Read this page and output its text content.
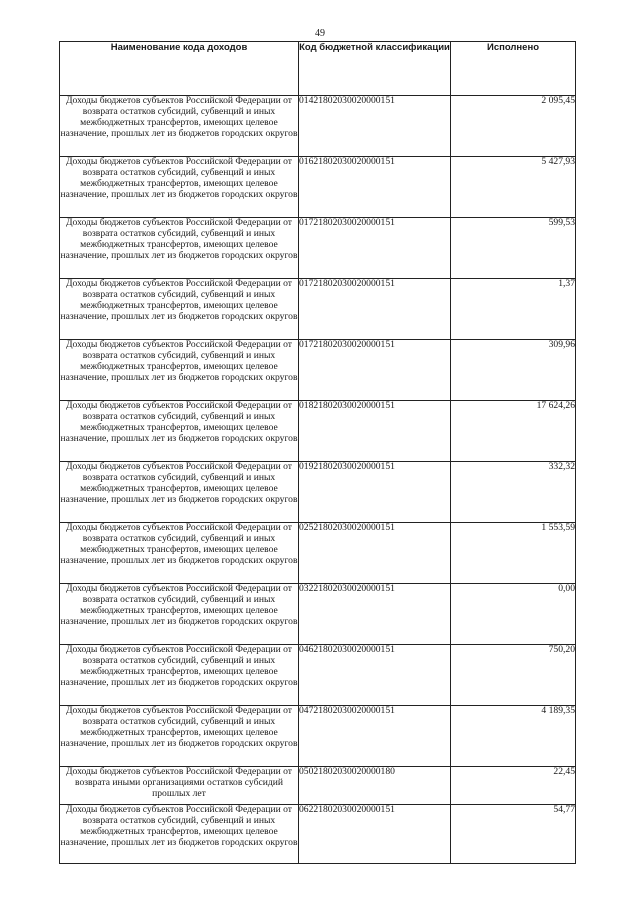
49
Наименование кода доходов	Код бюджетной классификации	Исполнено
Доходы бюджетов субъектов Российской Федерации от возврата остатков субсидий, субвенций и иных межбюджетных трансфертов, имеющих целевое назначение, прошлых лет из бюджетов городских округов	01421802030020000151	2 095,45
Доходы бюджетов субъектов Российской Федерации от возврата остатков субсидий, субвенций и иных межбюджетных трансфертов, имеющих целевое назначение, прошлых лет из бюджетов городских округов	01621802030020000151	5 427,93
Доходы бюджетов субъектов Российской Федерации от возврата остатков субсидий, субвенций и иных межбюджетных трансфертов, имеющих целевое назначение, прошлых лет из бюджетов городских округов	01721802030020000151	599,53
Доходы бюджетов субъектов Российской Федерации от возврата остатков субсидий, субвенций и иных межбюджетных трансфертов, имеющих целевое назначение, прошлых лет из бюджетов городских округов	01721802030020000151	1,37
Доходы бюджетов субъектов Российской Федерации от возврата остатков субсидий, субвенций и иных межбюджетных трансфертов, имеющих целевое назначение, прошлых лет из бюджетов городских округов	01721802030020000151	309,96
Доходы бюджетов субъектов Российской Федерации от возврата остатков субсидий, субвенций и иных межбюджетных трансфертов, имеющих целевое назначение, прошлых лет из бюджетов городских округов	01821802030020000151	17 624,26
Доходы бюджетов субъектов Российской Федерации от возврата остатков субсидий, субвенций и иных межбюджетных трансфертов, имеющих целевое назначение, прошлых лет из бюджетов городских округов	01921802030020000151	332,32
Доходы бюджетов субъектов Российской Федерации от возврата остатков субсидий, субвенций и иных межбюджетных трансфертов, имеющих целевое назначение, прошлых лет из бюджетов городских округов	02521802030020000151	1 553,59
Доходы бюджетов субъектов Российской Федерации от возврата остатков субсидий, субвенций и иных межбюджетных трансфертов, имеющих целевое назначение, прошлых лет из бюджетов городских округов	03221802030020000151	0,00
Доходы бюджетов субъектов Российской Федерации от возврата остатков субсидий, субвенций и иных межбюджетных трансфертов, имеющих целевое назначение, прошлых лет из бюджетов городских округов	04621802030020000151	750,20
Доходы бюджетов субъектов Российской Федерации от возврата остатков субсидий, субвенций и иных межбюджетных трансфертов, имеющих целевое назначение, прошлых лет из бюджетов городских округов	04721802030020000151	4 189,35
Доходы бюджетов субъектов Российской Федерации от возврата иными организациями остатков субсидий прошлых лет	05021802030020000180	22,45
Доходы бюджетов субъектов Российской Федерации от возврата остатков субсидий, субвенций и иных межбюджетных трансфертов, имеющих целевое назначение, прошлых лет из бюджетов городских округов	06221802030020000151	54,77
